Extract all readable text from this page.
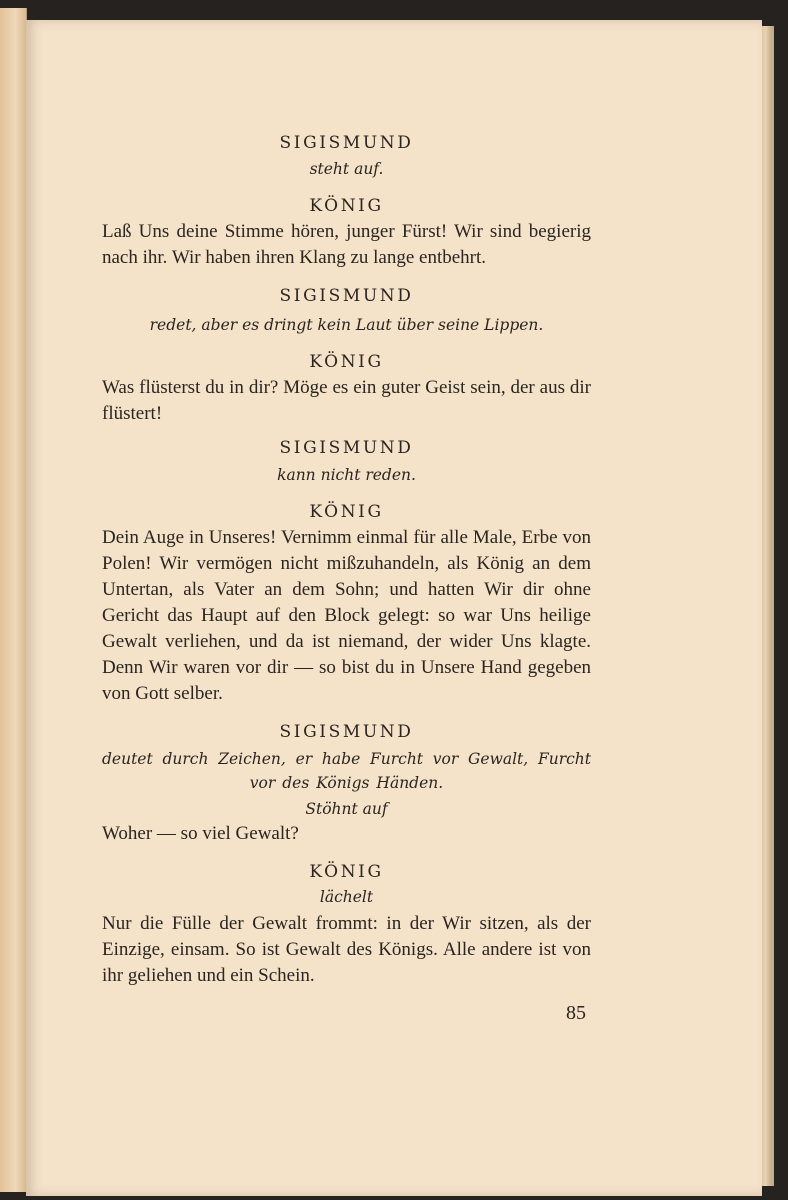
SIGISMUND

steht auf.

KÖNIG

Laß Uns deine Stimme hören, junger Fürst! Wir sind begierig nach ihr. Wir haben ihren Klang zu lange entbehrt.

SIGISMUND

redet, aber es dringt kein Laut über seine Lippen.

KÖNIG

Was flüsterst du in dir? Möge es ein guter Geist sein, der aus dir flüstert!

SIGISMUND

kann nicht reden.

KÖNIG

Dein Auge in Unseres! Vernimm einmal für alle Male, Erbe von Polen! Wir vermögen nicht mißzuhandeln, als König an dem Untertan, als Vater an dem Sohn; und hatten Wir dir ohne Gericht das Haupt auf den Block gelegt: so war Uns heilige Gewalt verliehen, und da ist niemand, der wider Uns klagte. Denn Wir waren vor dir — so bist du in Unsere Hand gegeben von Gott selber.

SIGISMUND

deutet durch Zeichen, er habe Furcht vor Gewalt, Furcht vor des Königs Händen.

Stöhnt auf

Woher — so viel Gewalt?

KÖNIG

lächelt

Nur die Fülle der Gewalt frommt: in der Wir sitzen, als der Einzige, einsam. So ist Gewalt des Königs. Alle andere ist von ihr geliehen und ein Schein.

85
